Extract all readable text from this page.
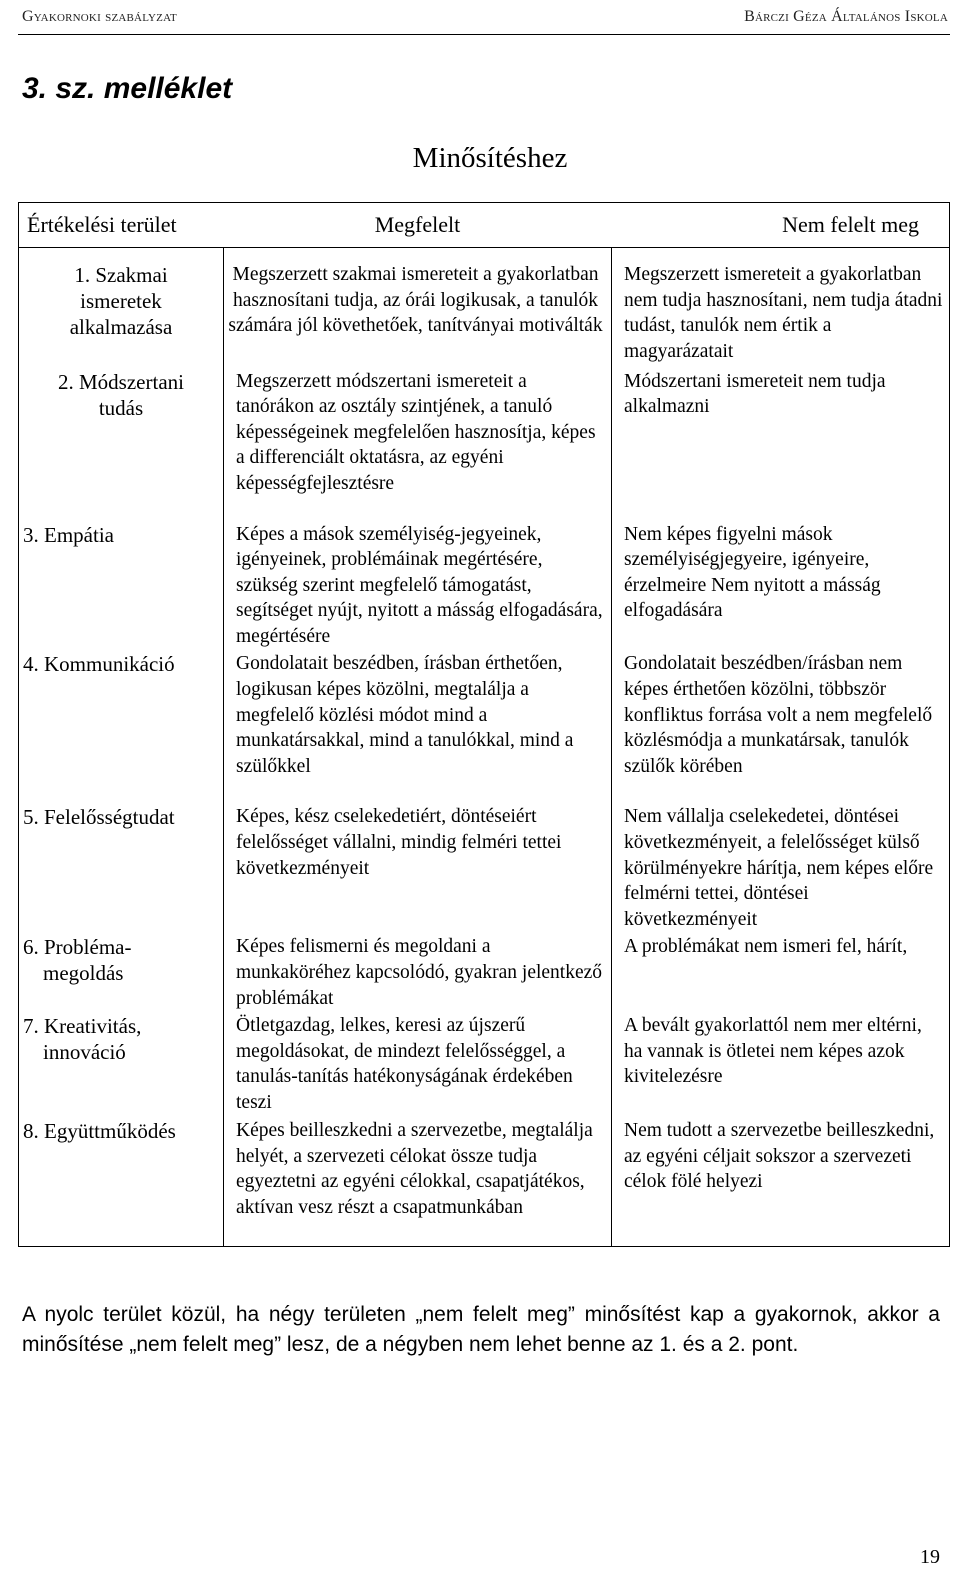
Gyakornoki szabályzat	Bárczi Géza Általános Iskola
3. sz. melléklet
Minősítéshez
Értékelési terület	Megfelelt	Nem felelt meg

1. Szakmai
ismeretek
alkalmazása	Megszerzett szakmai ismereteit a gyakorlatban hasznosítani tudja, az órái logikusak, a tanulók számára jól követhetőek, tanítványai motiválták	Megszerzett ismereteit a gyakorlatban nem tudja hasznosítani, nem tudja átadni tudást, tanulók nem értik a magyarázatait

2. Módszertani
tudás	Megszerzett módszertani ismereteit a tanórákon az osztály szintjének, a tanuló képességeinek megfelelően hasznosítja, képes a differenciált oktatásra, az egyéni képességfejlesztésre	Módszertani ismereteit nem tudja alkalmazni

3. Empátia	Képes a mások személyiség-jegyeinek, igényeinek, problémáinak megértésére, szükség szerint megfelelő támogatást, segítséget nyújt, nyitott a másság elfogadására, megértésére	Nem képes figyelni mások személyiségjegyeire, igényeire, érzelmeire Nem nyitott a másság elfogadására

4. Kommunikáció	Gondolatait beszédben, írásban érthetően, logikusan képes közölni, megtalálja a megfelelő közlési módot mind a munkatársakkal, mind a tanulókkal, mind a szülőkkel	Gondolatait beszédben/írásban nem képes érthetően közölni, többször konfliktus forrása volt a nem megfelelő közlésmódja a munkatársak, tanulók szülők körében

5. Felelősségtudat	Képes, kész cselekedetiért, döntéseiért felelősséget vállalni, mindig felméri tettei következményeit	Nem vállalja cselekedetei, döntései következményeit, a felelősséget külső körülményekre hárítja, nem képes előre felmérni tettei, döntései következményeit

6. Probléma-
megoldás	Képes felismerni és megoldani a munkaköréhez kapcsolódó, gyakran jelentkező problémákat	A problémákat nem ismeri fel, hárít,

7. Kreativitás,
innováció	Ötletgazdag, lelkes, keresi az újszerű megoldásokat, de mindezt felelősséggel, a tanulás-tanítás hatékonyságának érdekében teszi	A bevált gyakorlattól nem mer eltérni, ha vannak is ötletei nem képes azok kivitelezésre

8. Együttműködés	Képes beilleszkedni a szervezetbe, megtalálja helyét, a szervezeti célokat össze tudja egyeztetni az egyéni célokkal, csapatjátékos, aktívan vesz részt a csapatmunkában	Nem tudott a szervezetbe beilleszkedni, az egyéni céljait sokszor a szervezeti célok fölé helyezi
A nyolc terület közül, ha négy területen „nem felelt meg” minősítést kap a gyakornok, akkor a minősítése „nem felelt meg” lesz, de a négyben nem lehet benne az 1. és a 2. pont.
19
